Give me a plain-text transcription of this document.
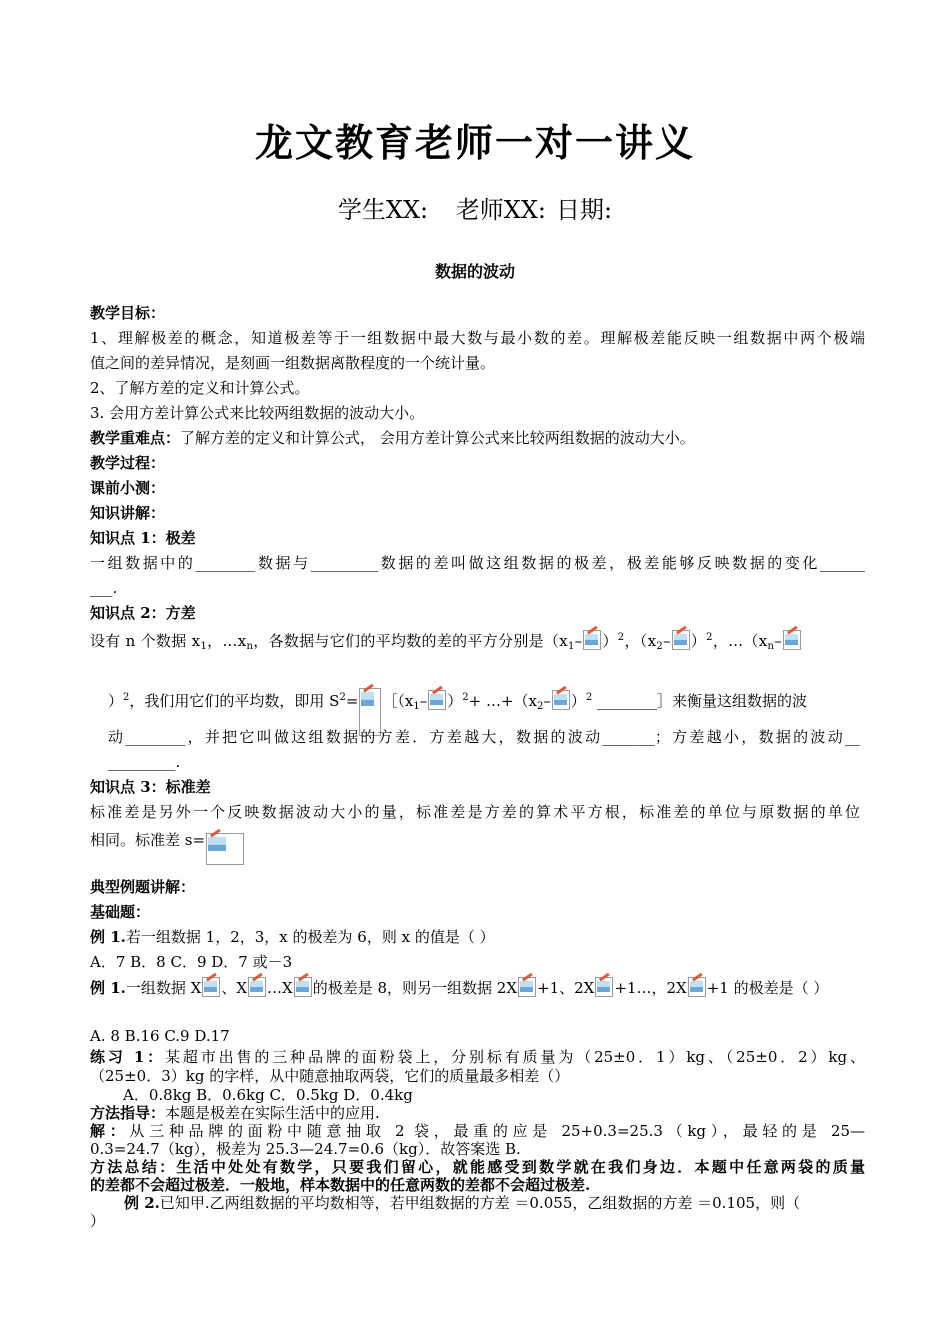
龙文教育老师一对一讲义
学生XX: 老师XX: 日期:
数据的波动
教学目标：
1、理解极差的概念，知道极差等于一组数据中最大数与最小数的差。理解极差能反映一组数据中两个极端
值之间的差异情况，是刻画一组数据离散程度的一个统计量。
2、了解方差的定义和计算公式。
3. 会用方差计算公式来比较两组数据的波动大小。
教学重难点：了解方差的定义和计算公式， 会用方差计算公式来比较两组数据的波动大小。
教学过程：
课前小测：
知识讲解：
知识点 1：极差
一组数据中的________数据与_________数据的差叫做这组数据的极差，极差能够反映数据的变化______
___.
知识点 2：方差
设有 n 个数据 $x_1$，$\dots x_n$，各数据与它们的平均数的差的平方分别是（$x_1-$ ）$^2$，（$x_2-$ ）$^2$，$\dots(x_n-$
）$^2$，我们用它们的平均数，即用 $S^2=$ $[(x_1-$ ）$^2+ \dots+(x_2-$ ）$^2$ ________］来衡量这组数据的波
动________，并把它叫做这组数据的方差．方差越大，数据的波动_______；方差越小，数据的波动__
_________.
知识点 3：标准差
标准差是另外一个反映数据波动大小的量，标准差是方差的算术平方根，标准差的单位与原数据的单位
相同。标准差 s=
典型例题讲解：
基础题：
例 1.若一组数据 1，2，3，x 的极差为 6，则 x 的值是（ ）
A．7 B．8 C．9 D．7 或－3
例 1.一组数据 X 、X …X 的极差是 8，则另一组数据 2X +1、2X +1…，2X +1 的极差是（ ）
A. 8 B.16 C.9 D.17
练习 1：某超市出售的三种品牌的面粉袋上，分别标有质量为（25±0．1）kg、（25±0．2）kg、
（25±0．3）kg 的字样，从中随意抽取两袋，它们的质量最多相差（）
A．0.8kg B．0.6kg C．0.5kg D．0.4kg
方法指导：本题是极差在实际生活中的应用.
解：从三种品牌的面粉中随意抽取 2 袋，最重的应是 25+0.3=25.3（kg），最轻的是 25—
0.3=24.7（kg），极差为 25.3—24.7=0.6（kg）．故答案选 B.
方法总结：生活中处处有数学，只要我们留心，就能感受到数学就在我们身边．本题中任意两袋的质量
的差都不会超过极差．一般地，样本数据中的任意两数的差都不会超过极差.
例 2.已知甲.乙两组数据的平均数相等，若甲组数据的方差 ＝0.055，乙组数据的方差 ＝0.105，则（
）
